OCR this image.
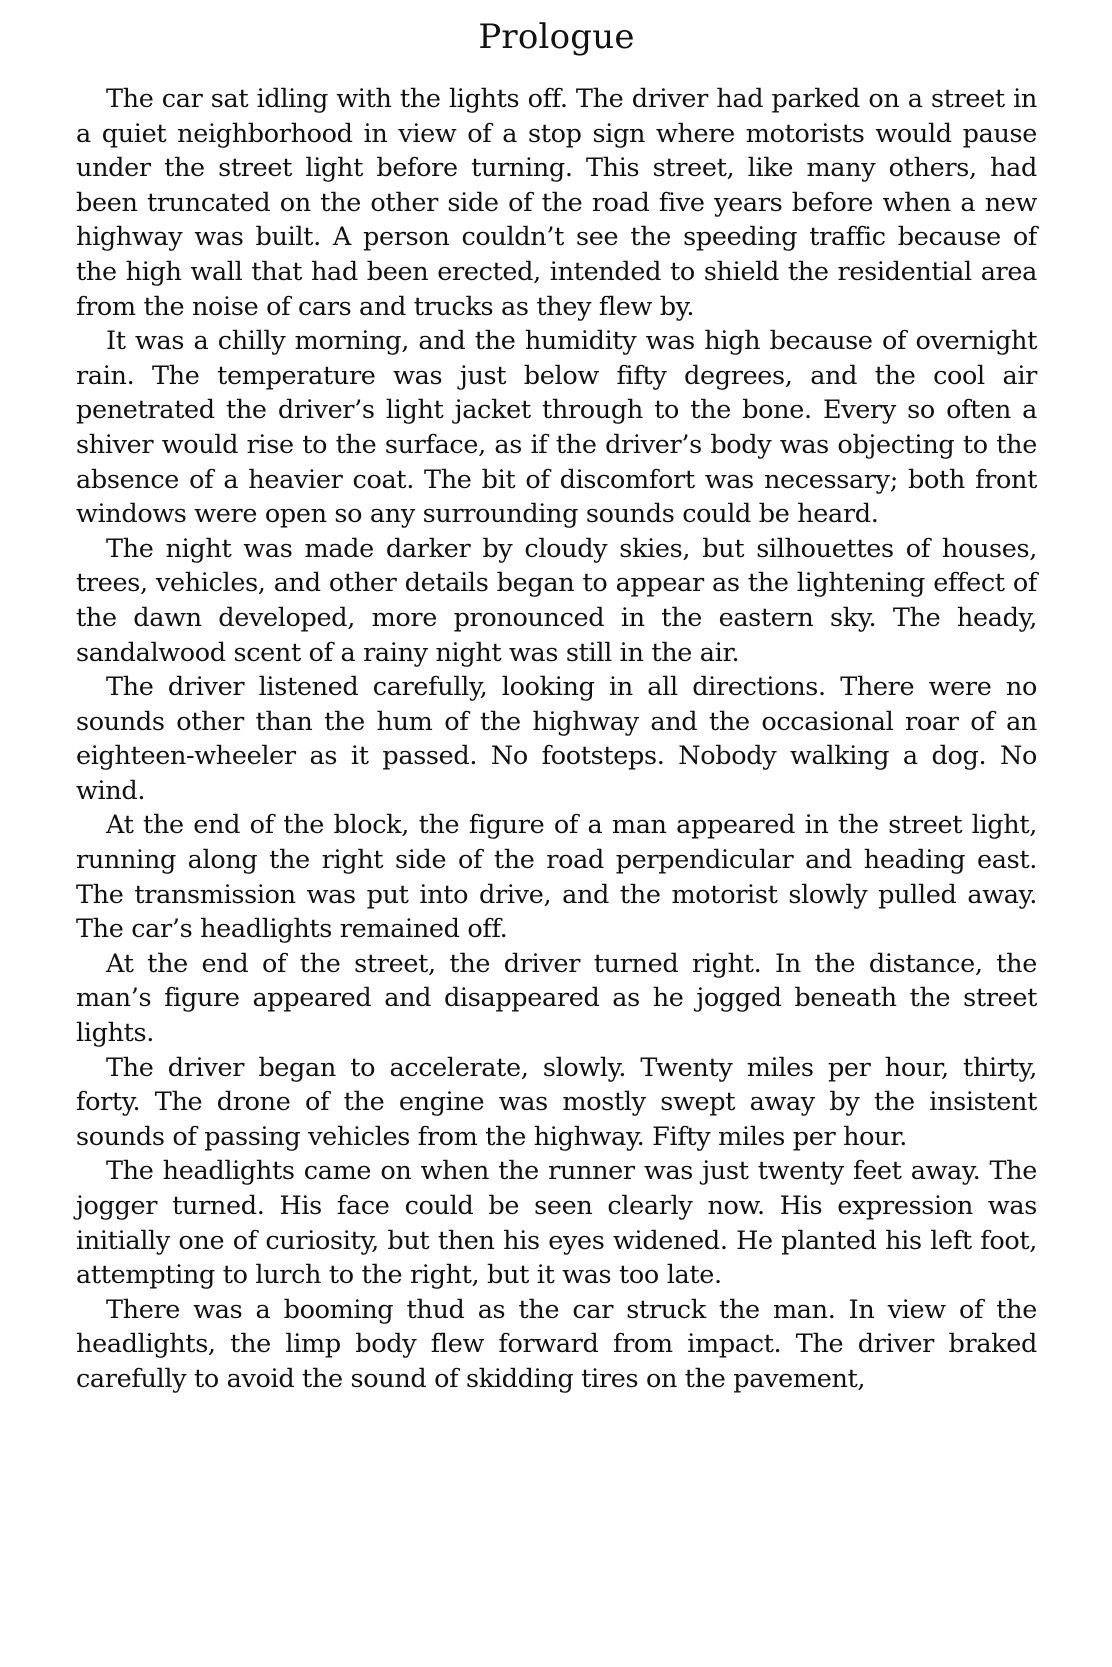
Prologue

The car sat idling with the lights off. The driver had parked on a street in a quiet neighborhood in view of a stop sign where motorists would pause under the street light before turning. This street, like many others, had been truncated on the other side of the road five years before when a new highway was built. A person couldn’t see the speeding traffic because of the high wall that had been erected, intended to shield the residential area from the noise of cars and trucks as they flew by.

It was a chilly morning, and the humidity was high because of overnight rain. The temperature was just below fifty degrees, and the cool air penetrated the driver’s light jacket through to the bone. Every so often a shiver would rise to the surface, as if the driver’s body was objecting to the absence of a heavier coat. The bit of discomfort was necessary; both front windows were open so any surrounding sounds could be heard.

The night was made darker by cloudy skies, but silhouettes of houses, trees, vehicles, and other details began to appear as the lightening effect of the dawn developed, more pronounced in the eastern sky. The heady, sandalwood scent of a rainy night was still in the air.

The driver listened carefully, looking in all directions. There were no sounds other than the hum of the highway and the occasional roar of an eighteen-wheeler as it passed. No footsteps. Nobody walking a dog. No wind.

At the end of the block, the figure of a man appeared in the street light, running along the right side of the road perpendicular and heading east. The transmission was put into drive, and the motorist slowly pulled away. The car’s headlights remained off.

At the end of the street, the driver turned right. In the distance, the man’s figure appeared and disappeared as he jogged beneath the street lights.

The driver began to accelerate, slowly. Twenty miles per hour, thirty, forty. The drone of the engine was mostly swept away by the insistent sounds of passing vehicles from the highway. Fifty miles per hour.

The headlights came on when the runner was just twenty feet away. The jogger turned. His face could be seen clearly now. His expression was initially one of curiosity, but then his eyes widened. He planted his left foot, attempting to lurch to the right, but it was too late.

There was a booming thud as the car struck the man. In view of the headlights, the limp body flew forward from impact. The driver braked carefully to avoid the sound of skidding tires on the pavement,
